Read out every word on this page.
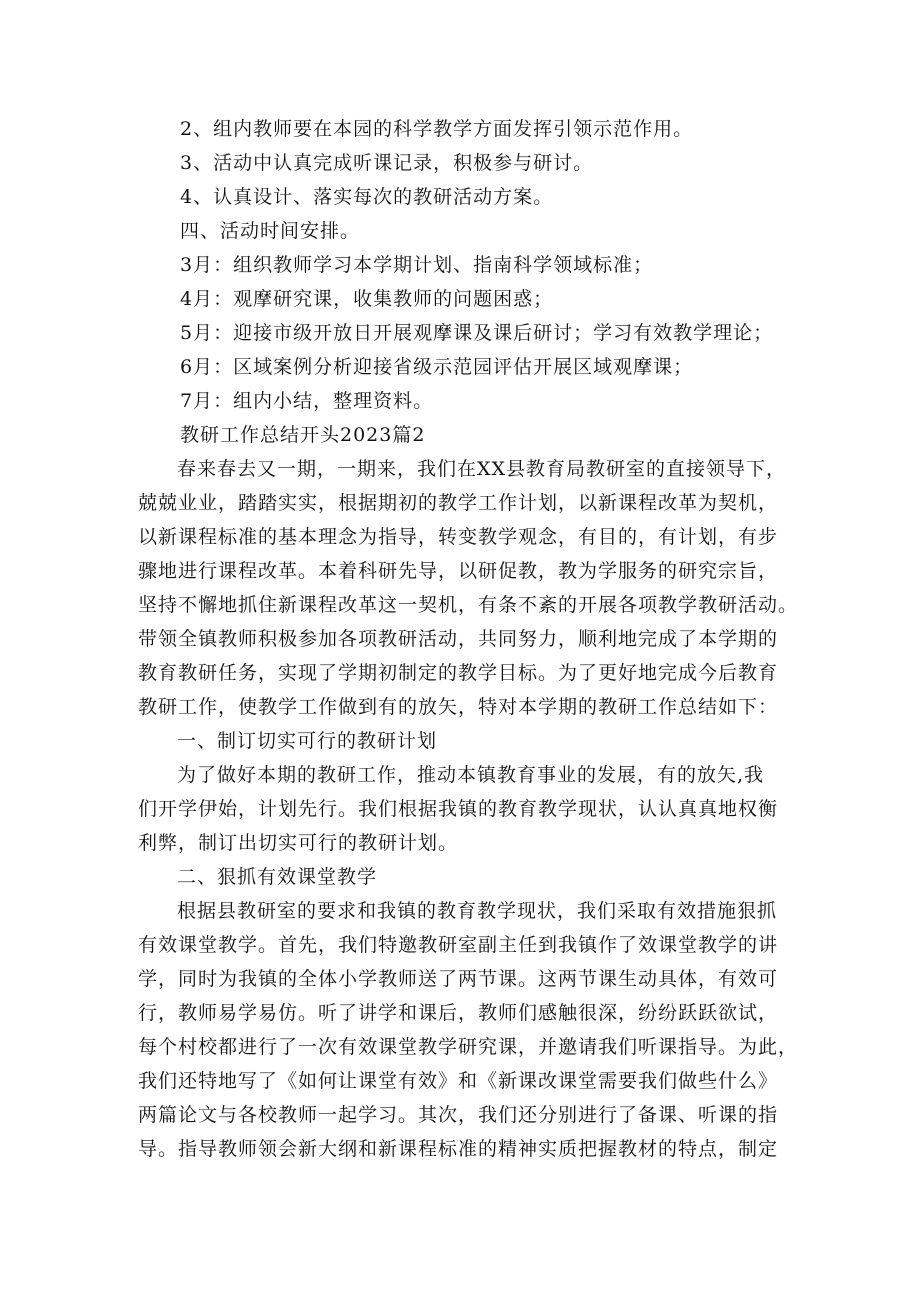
2、组内教师要在本园的科学教学方面发挥引领示范作用。
3、活动中认真完成听课记录，积极参与研讨。
4、认真设计、落实每次的教研活动方案。
四、活动时间安排。
3月：组织教师学习本学期计划、指南科学领域标准；
4月：观摩研究课，收集教师的问题困惑；
5月：迎接市级开放日开展观摩课及课后研讨；学习有效教学理论；
6月：区域案例分析迎接省级示范园评估开展区域观摩课；
7月：组内小结，整理资料。
教研工作总结开头2023篇2
春来春去又一期，一期来，我们在XX县教育局教研室的直接领导下，
兢兢业业，踏踏实实，根据期初的教学工作计划，以新课程改革为契机，
以新课程标准的基本理念为指导，转变教学观念，有目的，有计划，有步
骤地进行课程改革。本着科研先导，以研促教，教为学服务的研究宗旨，
坚持不懈地抓住新课程改革这一契机，有条不紊的开展各项教学教研活动。
带领全镇教师积极参加各项教研活动，共同努力，顺利地完成了本学期的
教育教研任务，实现了学期初制定的教学目标。为了更好地完成今后教育
教研工作，使教学工作做到有的放矢，特对本学期的教研工作总结如下：
一、制订切实可行的教研计划
为了做好本期的教研工作，推动本镇教育事业的发展，有的放矢,我
们开学伊始，计划先行。我们根据我镇的教育教学现状，认认真真地权衡
利弊，制订出切实可行的教研计划。
二、狠抓有效课堂教学
根据县教研室的要求和我镇的教育教学现状，我们采取有效措施狠抓
有效课堂教学。首先，我们特邀教研室副主任到我镇作了效课堂教学的讲
学，同时为我镇的全体小学教师送了两节课。这两节课生动具体，有效可
行，教师易学易仿。听了讲学和课后，教师们感触很深，纷纷跃跃欲试，
每个村校都进行了一次有效课堂教学研究课，并邀请我们听课指导。为此，
我们还特地写了《如何让课堂有效》和《新课改课堂需要我们做些什么》
两篇论文与各校教师一起学习。其次，我们还分别进行了备课、听课的指
导。指导教师领会新大纲和新课程标准的精神实质把握教材的特点，制定
